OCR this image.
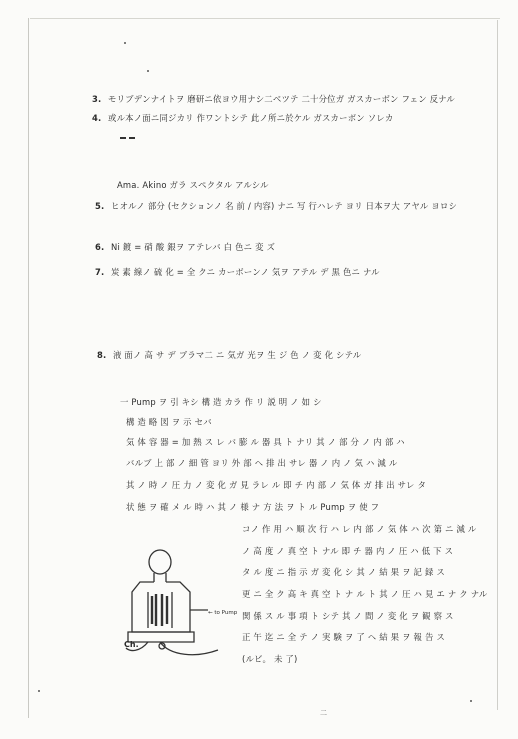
3. モリブデンナイトヲ 磨研ニ依ヨウ用ナシ二ベツテ 二十分位ガ ガスカーボン フェン 反ナル
4. 或ル本ノ面ニ同ジカリ 作ワントシテ 此ノ所ニ於ケル ガスカーボン ソレカ
Ama. Akino ガラ スペクタル アルシル
5. ヒオルノ 部分 (セクションノ 名 前 / 内容) ナニ 写 行ハレテ ヨリ 日本ヲ大 アヤル ヨロシ
6. Ni 鍍 = 硝 酸 銀ヲ アテレバ 白 色ニ 変 ズ
7. 炭 素 線ノ 硫 化 = 全 クニ カーボーンノ 気ヲ アテル デ 黒 色ニ ナル
8. 液 面ノ 高 サ デ ブラマ二 ニ 気ガ 光ヲ 生 ジ 色 ノ 変 化 シテル
一 Pump ヲ 引 キシ 構 造 カラ 作 リ 説 明 ノ 如 シ
構 造 略 図 ヲ 示 セバ
気 体 容 器 = 加 熱 ス レ バ 膨 ル 器 具 ト ナリ 其 ノ 部 分 ノ 内 部 ハ
バルブ 上 部 ノ 細 管 ヨリ 外 部 へ 排 出 サレ 器 ノ 内 ノ 気 ハ 減 ル
其 ノ 時 ノ 圧 力 ノ 変 化 ガ 見 ラレ ル 即 チ 内 部 ノ 気 体 ガ 排 出 サレ タ
状 態 ヲ 確 メ ル 時 ハ 其 ノ 様 ナ 方 法 ヲ ト ル Pump ヲ 使 フ
コノ 作 用 ハ 順 次 行 ハ レ 内 部 ノ 気 体 ハ 次 第 ニ 減 ル
ノ 高 度 ノ 真 空 ト ナル 即 チ 器 内 ノ 圧 ハ 低 下 ス
タ ル 度 ニ 指 示 ガ 変 化 シ 其 ノ 結 果 ヲ 記 録 ス
更 ニ 全 ク 高 キ 真 空 ト ナ ル ト 其 ノ 圧 ハ 見 エ ナ ク ナル
関 係 ス ル 事 項 ト シテ 其 ノ 間 ノ 変 化 ヲ 観 察 ス
正 午 迄 ニ 全 テ ノ 実 験 ヲ 了 ヘ 結 果 ヲ 報 告 ス
(ルビ。 未 了)
← to Pump
Ch.
二
